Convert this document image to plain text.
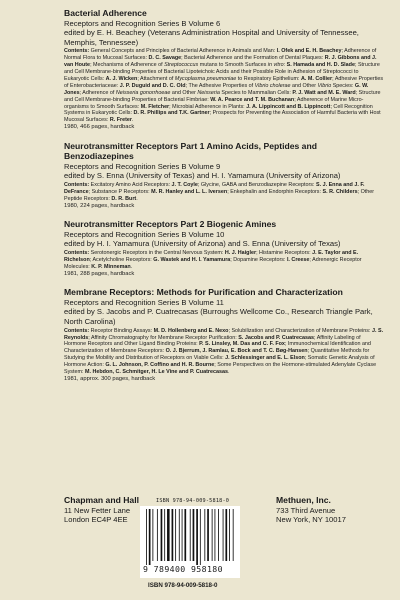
Bacterial Adherence
Receptors and Recognition Series B Volume 6
edited by E. H. Beachey (Veterans Administration Hospital and University of Tennessee, Memphis, Tennessee)
Contents: General Concepts and Principles of Bacterial Adherence in Animals and Man: I. Ofek and E. H. Beachey; Adherence of Normal Flora to Mucosal Surfaces: D. C. Savage; Bacterial Adherence and the Formation of Dental Plaques: R. J. Gibbons and J. van Houte; Mechanisms of Adherence of Streptococcus mutans to Smooth Surfaces in vitro: S. Hamada and H. D. Slade; Structure and Cell Membrane-binding Properties of Bacterial Lipoteichoic Acids and their Possible Role in Adhesion of Streptococci to Eukaryotic Cells: A. J. Wicken; Attachment of Mycoplasma pneumoniae to Respiratory Epithelium: A. M. Collier; Adhesive Properties of Enterobacteriaceae: J. P. Duguid and D. C. Old; The Adhesive Properties of Vibrio cholerae and Other Vibrio Species: G. W. Jones; Adherence of Neisseria gonorrhoeae and Other Neisseria Species to Mammalian Cells: P. J. Watt and M. E. Ward; Structure and Cell Membrane-binding Properties of Bacterial Fimbriae: W. A. Pearce and T. M. Buchanan; Adherence of Marine Micro-organisms to Smooth Surfaces: M. Fletcher; Microbial Adherence in Plants: J. A. Lippincott and B. Lippincott; Cell Recognition Systems in Eukaryotic Cells: D. R. Phillips and T.K. Gartner; Prospects for Preventing the Association of Harmful Bacteria with Host Mucosal Surfaces: R. Freter.
1980, 466 pages, hardback
Neurotransmitter Receptors Part 1 Amino Acids, Peptides and Benzodiazepines
Receptors and Recognition Series B Volume 9
edited by S. Enna (University of Texas) and H. I. Yamamura (University of Arizona)
Contents: Excitatory Amino Acid Receptors: J. T. Coyle; Glycine, GABA and Benzodiazepine Receptors: S. J. Enna and J. F. DeFrance; Substance P Receptors: M. R. Hanley and L. L. Iversen; Enkephalin and Endorphin Receptors: S. R. Childers; Other Peptide Receptors: D. R. Burt.
1980, 224 pages, hardback
Neurotransmitter Receptors Part 2 Biogenic Amines
Receptors and Recognition Series B Volume 10
edited by H. I. Yamamura (University of Arizona) and S. Enna (University of Texas)
Contents: Serotonergic Receptors in the Central Nervous System: H. J. Haigler; Histamine Receptors: J. E. Taylor and E. Richelson; Acetylcholine Receptors: G. Wastek and H. I. Yamamura; Dopamine Receptors: I. Creese; Adrenergic Receptor Molecules: K. P. Minneman.
1981, 288 pages, hardback
Membrane Receptors: Methods for Purification and Characterization
Receptors and Recognition Series B Volume 11
edited by S. Jacobs and P. Cuatrecasas (Burroughs Wellcome Co., Research Triangle Park, North Carolina)
Contents: Receptor Binding Assays: M. D. Hollenberg and E. Nexo; Solubilization and Characterization of Membrane Proteins: J. S. Reynolds; Affinity Chromatography for Membrane Receptor Purification: S. Jacobs and P. Cuatrecasas; Affinity Labeling of Hormone Receptors and Other Ligand Binding Proteins: P. S. Linsley, M. Das and C. F. Fox; Immunochemical Identification and Characterization of Membrane Receptors: O. J. Bjerrum, J. Ramlau, E. Bock and T. C. Bøg-Hansen; Quantitative Methods for Studying the Mobility and Distribution of Receptors on Viable Cells: J. Schlessinger and E. L. Elson; Somatic Genetic Analysis of Hormone Action: G. L. Johnson, P. Coffino and H. R. Bourne; Some Perspectives on the Hormone-stimulated Adenylate Cyclase System: M. Hebdon, C. Schmitger, H. Le Vine and P. Cuatrecasas.
1981, approx. 300 pages, hardback
Chapman and Hall
11 New Fetter Lane
London EC4P 4EE
ISBN 978-94-009-5818-0
9 789400 958180
Methuen, Inc.
733 Third Avenue
New York, NY 10017
ISBN 978-94-009-5818-0
